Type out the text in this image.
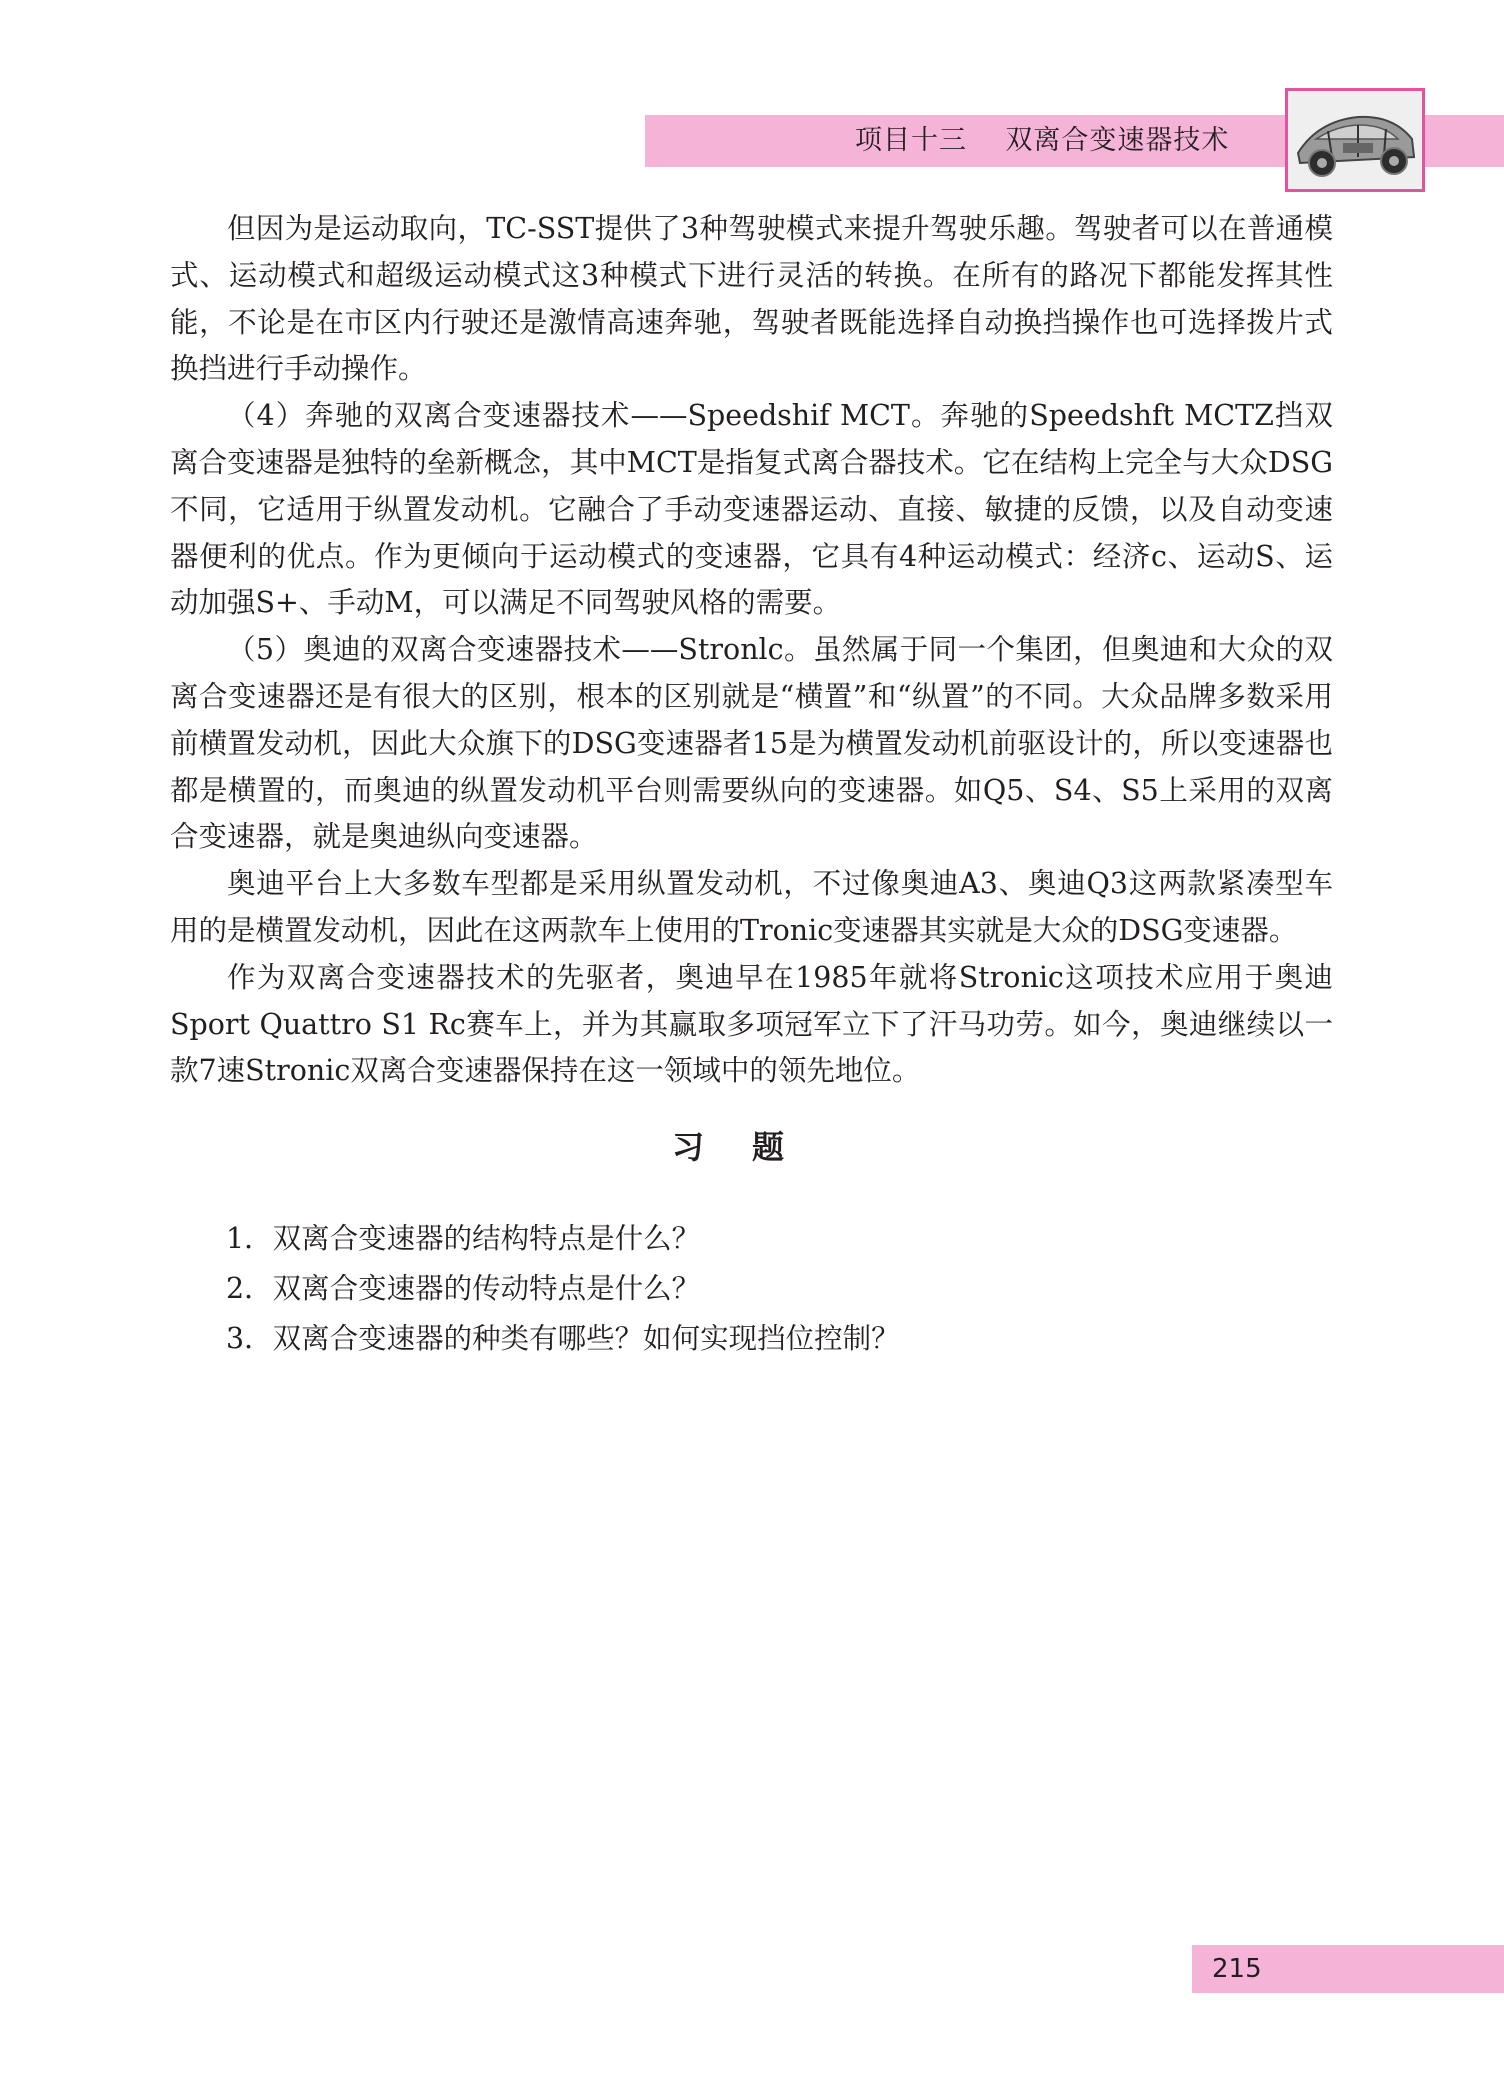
项目十三    双离合变速器技术

但因为是运动取向，TC-SST提供了3种驾驶模式来提升驾驶乐趣。驾驶者可以在普通模式、运动模式和超级运动模式这3种模式下进行灵活的转换。在所有的路况下都能发挥其性能，不论是在市区内行驶还是激情高速奔驰，驾驶者既能选择自动换挡操作也可选择拨片式换挡进行手动操作。

（4）奔驰的双离合变速器技术——Speedshif MCT。奔驰的Speedshft MCTZ挡双离合变速器是独特的垒新概念，其中MCT是指复式离合器技术。它在结构上完全与大众DSG不同，它适用于纵置发动机。它融合了手动变速器运动、直接、敏捷的反馈，以及自动变速器便利的优点。作为更倾向于运动模式的变速器，它具有4种运动模式：经济c、运动S、运动加强S+、手动M，可以满足不同驾驶风格的需要。

（5）奥迪的双离合变速器技术——Stronlc。虽然属于同一个集团，但奥迪和大众的双离合变速器还是有很大的区别，根本的区别就是“横置”和“纵置”的不同。大众品牌多数采用前横置发动机，因此大众旗下的DSG变速器者15是为横置发动机前驱设计的，所以变速器也都是横置的，而奥迪的纵置发动机平台则需要纵向的变速器。如Q5、S4、S5上采用的双离合变速器，就是奥迪纵向变速器。

奥迪平台上大多数车型都是采用纵置发动机，不过像奥迪A3、奥迪Q3这两款紧凑型车用的是横置发动机，因此在这两款车上使用的Tronic变速器其实就是大众的DSG变速器。

作为双离合变速器技术的先驱者，奥迪早在1985年就将Stronic这项技术应用于奥迪Sport Quattro S1 Rc赛车上，并为其赢取多项冠军立下了汗马功劳。如今，奥迪继续以一款7速Stronic双离合变速器保持在这一领域中的领先地位。

习题
1．双离合变速器的结构特点是什么？
2．双离合变速器的传动特点是什么？
3．双离合变速器的种类有哪些？如何实现挡位控制？
215
